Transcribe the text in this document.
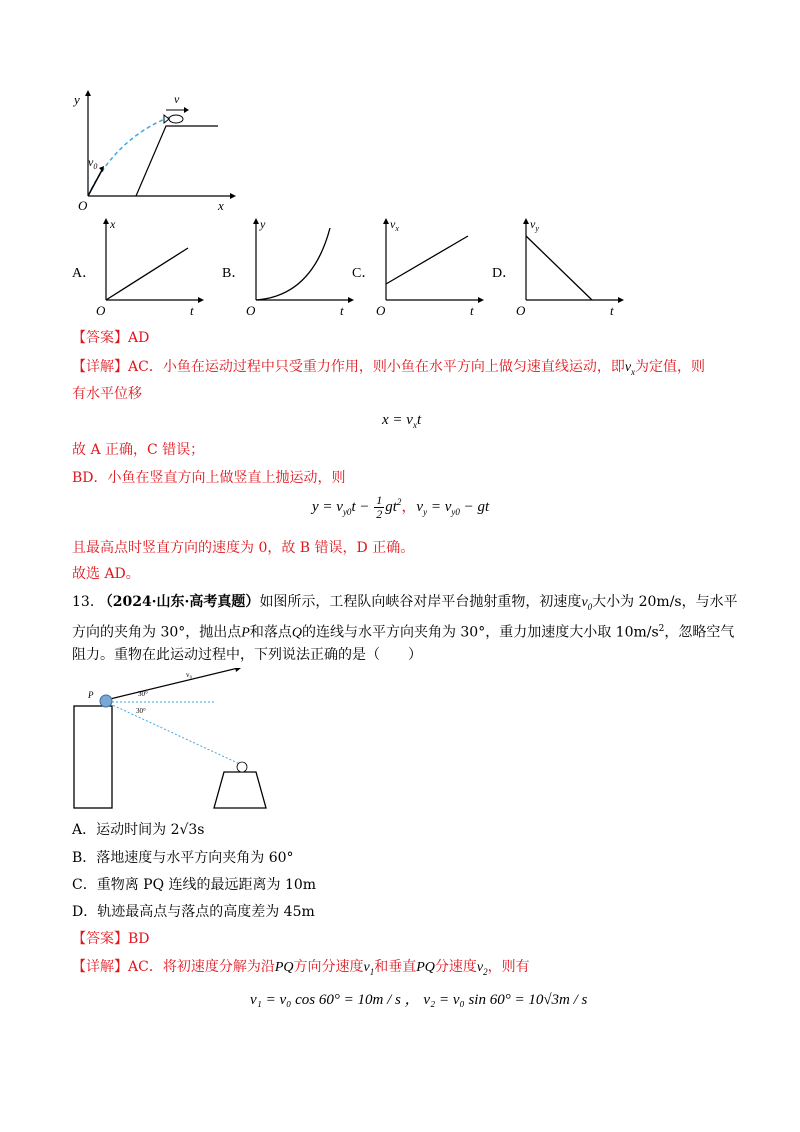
y
x
O
v
$v_0$
A．
x
t
O
B．
y
t
O
C．
$v_x$
t
O
D．
$v_y$
t
O
【答案】AD
【详解】AC．小鱼在运动过程中只受重力作用，则小鱼在水平方向上做匀速直线运动，即$v_x$为定值，则
有水平位移
$x = v_xt$
故 A 正确，C 错误；
BD．小鱼在竖直方向上做竖直上抛运动，则
$y = v_{y0}t - \frac{1}{2} gt^2$，$v_y = v_{y0}$ − gt
且最高点时竖直方向的速度为 0，故 B 错误，D 正确。
故选 AD。
13. （2024·山东·高考真题）如图所示，工程队向峡谷对岸平台抛射重物，初速度$v_0$大小为 20m/s，与水平
方向的夹角为 30°，抛出点P和落点Q的连线与水平方向夹角为 30°，重力加速度大小取 $10m/s^2$，忽略空气
阻力。重物在此运动过程中，下列说法正确的是（　　）
P
v₀
30°
30°
A．运动时间为 2√3s
B．落地速度与水平方向夹角为 60°
C．重物离 PQ 连线的最远距离为 10m
D．轨迹最高点与落点的高度差为 45m
【答案】BD
【详解】AC．将初速度分解为沿PQ方向分速度$v_1$和垂直PQ分速度$v_2$，则有
v₁ = v₀ cos 60° = 10m / s ， v₂ = v₀ sin 60° = 10√3m / s
